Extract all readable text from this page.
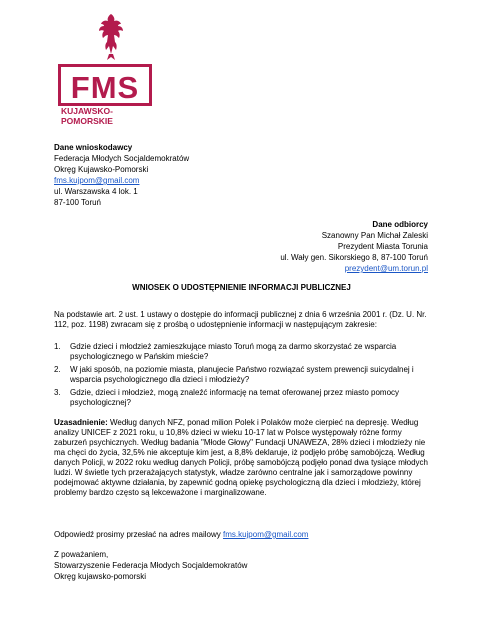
FMS
KUJAWSKO-
POMORSKIE
Dane wnioskodawcy
Federacja Młodych Socjaldemokratów
Okręg Kujawsko-Pomorski
fms.kujpom@gmail.com
ul. Warszawska 4 lok. 1
87-100 Toruń
Dane odbiorcy
Szanowny Pan Michał Zaleski
Prezydent Miasta Torunia
ul. Wały gen. Sikorskiego 8, 87-100 Toruń
prezydent@um.torun.pl
WNIOSEK O UDOSTĘPNIENIE INFORMACJI PUBLICZNEJ
Na podstawie art. 2 ust. 1 ustawy o dostępie do informacji publicznej z dnia 6 września 2001 r. (Dz. U. Nr. 112, poz. 1198) zwracam się z prośbą o udostępnienie informacji w następującym zakresie:
1. Gdzie dzieci i młodzież zamieszkujące miasto Toruń mogą za darmo skorzystać ze wsparcia psychologicznego w Pańskim mieście?
2. W jaki sposób, na poziomie miasta, planujecie Państwo rozwiązać system prewencji suicydalnej i wsparcia psychologicznego dla dzieci i młodzieży?
3. Gdzie, dzieci i młodzież, mogą znaleźć informację na temat oferowanej przez miasto pomocy psychologicznej?
Uzasadnienie: Według danych NFZ, ponad milion Polek i Polaków może cierpieć na depresję. Według analizy UNICEF z 2021 roku, u 10,8% dzieci w wieku 10-17 lat w Polsce występowały różne formy zaburzeń psychicznych. Według badania "Młode Głowy" Fundacji UNAWEZA, 28% dzieci i młodzieży nie ma chęci do życia, 32,5% nie akceptuje kim jest, a 8,8% deklaruje, iż podjęło próbę samobójczą. Według danych Policji, w 2022 roku według danych Policji, próbę samobójczą podjęło ponad dwa tysiące młodych ludzi. W świetle tych przerażających statystyk, władze zarówno centralne jak i samorządowe powinny podejmować aktywne działania, by zapewnić godną opiekę psychologiczną dla dzieci i młodzieży, której problemy bardzo często są lekceważone i marginalizowane.
Odpowiedź prosimy przesłać na adres mailowy fms.kujpom@gmail.com
Z poważaniem,
Stowarzyszenie Federacja Młodych Socjaldemokratów
Okręg kujawsko-pomorski
